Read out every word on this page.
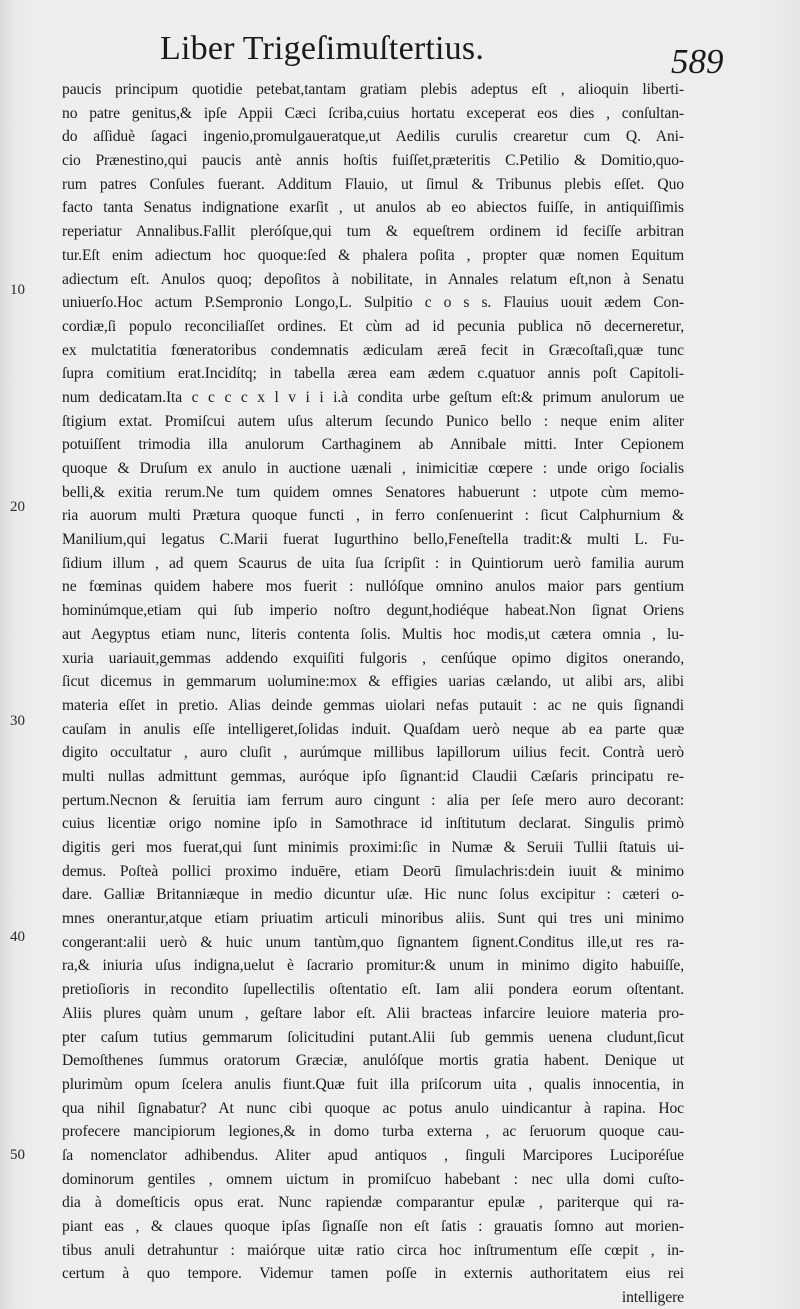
Liber Trigeſimuſtertius.	589
10
20
30
40
50
paucis principum quotidie petebat,tantam gratiam plebis adeptus eſt , alioquin liberti-
no patre genitus,& ipſe Appii Cæci ſcriba,cuius hortatu exceperat eos dies , conſultan-
do aſſiduè ſagaci ingenio,promulgaueratque,ut Aedilis curulis crearetur cum Q. Ani-
cio Prænestino,qui paucis antè annis hoſtis fuiſſet,præteritis C.Petilio & Domitio,quo-
rum patres Conſules fuerant. Additum Flauio, ut ſimul & Tribunus plebis eſſet. Quo
facto tanta Senatus indignatione exarſit , ut anulos ab eo abiectos fuiſſe, in antiquiſſimis
reperiatur Annalibus.Fallit pleróſque,qui tum & equeſtrem ordinem id feciſſe arbitran
tur.Eſt enim adiectum hoc quoque:ſed & phalera poſita , propter quæ nomen Equitum
adiectum eſt. Anulos quoq; depoſitos à nobilitate, in Annales relatum eſt,non à Senatu
uniuerſo.Hoc actum P.Sempronio Longo,L. Sulpitio c o s s. Flauius uouit ædem Con-
cordiæ,ſi populo reconciliaſſet ordines. Et cùm ad id pecunia publica nō decerneretur,
ex mulctatitia fœneratoribus condemnatis ædiculam æreā fecit in Græcoſtaſi,quæ tunc
ſupra comitium erat.Incidítq; in tabella ærea eam ædem c.quatuor annis poſt Capitoli-
num dedicatam.Ita c c c c x l v i i i.à condita urbe geſtum eſt:& primum anulorum ue
ſtigium extat. Promiſcui autem uſus alterum ſecundo Punico bello : neque enim aliter
potuiſſent trimodia illa anulorum Carthaginem ab Annibale mitti. Inter Cepionem
quoque & Druſum ex anulo in auctione uænali , inimicitiæ cœpere : unde origo ſocialis
belli,& exitia rerum.Ne tum quidem omnes Senatores habuerunt : utpote cùm memo-
ria auorum multi Prætura quoque functi , in ferro conſenuerint : ſicut Calphurnium &
Manilium,qui legatus C.Marii fuerat Iugurthino bello,Feneſtella tradit:& multi L. Fu-
ſidium illum , ad quem Scaurus de uita ſua ſcripſit : in Quintiorum uerò familia aurum
ne fœminas quidem habere mos fuerit : nullóſque omnino anulos maior pars gentium
hominúmque,etiam qui ſub imperio noſtro degunt,hodiéque habeat.Non ſignat Oriens
aut Aegyptus etiam nunc, literis contenta ſolis. Multis hoc modis,ut cætera omnia , lu-
xuria uariauit,gemmas addendo exquiſiti fulgoris , cenſúque opimo digitos onerando,
ſicut dicemus in gemmarum uolumine:mox & effigies uarias cælando, ut alibi ars, alibi
materia eſſet in pretio. Alias deinde gemmas uiolari nefas putauit : ac ne quis ſignandi
cauſam in anulis eſſe intelligeret,ſolidas induit. Quaſdam uerò neque ab ea parte quæ
digito occultatur , auro cluſit , aurúmque millibus lapillorum uilius fecit. Contrà uerò
multi nullas admittunt gemmas, auróque ipſo ſignant:id Claudii Cæſaris principatu re-
pertum.Necnon & ſeruitia iam ferrum auro cingunt : alia per ſeſe mero auro decorant:
cuius licentiæ origo nomine ipſo in Samothrace id inſtitutum declarat. Singulis primò
digitis geri mos fuerat,qui ſunt minimis proximi:ſic in Numæ & Seruii Tullii ſtatuis ui-
demus. Poſteà pollici proximo induēre, etiam Deorū ſimulachris:dein iuuit & minimo
dare. Galliæ Britanniæque in medio dicuntur uſæ. Hic nunc ſolus excipitur : cæteri o-
mnes onerantur,atque etiam priuatim articuli minoribus aliis. Sunt qui tres uni minimo
congerant:alii uerò & huic unum tantùm,quo ſignantem ſignent.Conditus ille,ut res ra-
ra,& iniuria uſus indigna,uelut è ſacrario promitur:& unum in minimo digito habuiſſe,
pretioſioris in recondito ſupellectilis oſtentatio eſt. Iam alii pondera eorum oſtentant.
Aliis plures quàm unum , geſtare labor eſt. Alii bracteas infarcire leuiore materia pro-
pter caſum tutius gemmarum ſolicitudini putant.Alii ſub gemmis uenena cludunt,ſicut
Demoſthenes ſummus oratorum Græciæ, anulóſque mortis gratia habent. Denique ut
plurimùm opum ſcelera anulis fiunt.Quæ fuit illa priſcorum uita , qualis innocentia, in
qua nihil ſignabatur? At nunc cibi quoque ac potus anulo uindicantur à rapina. Hoc
profecere mancipiorum legiones,& in domo turba externa , ac ſeruorum quoque cau-
ſa nomenclator adhibendus. Aliter apud antiquos , ſinguli Marcipores Luciporéſue
dominorum gentiles , omnem uictum in promiſcuo habebant : nec ulla domi cuſto-
dia à domeſticis opus erat. Nunc rapiendæ comparantur epulæ , pariterque qui ra-
piant eas , & claues quoque ipſas ſignaſſe non eſt ſatis : grauatis ſomno aut morien-
tibus anuli detrahuntur : maiórque uitæ ratio circa hoc inſtrumentum eſſe cœpit , in-
certum à quo tempore. Videmur tamen poſſe in externis authoritatem eius rei
intelligere
